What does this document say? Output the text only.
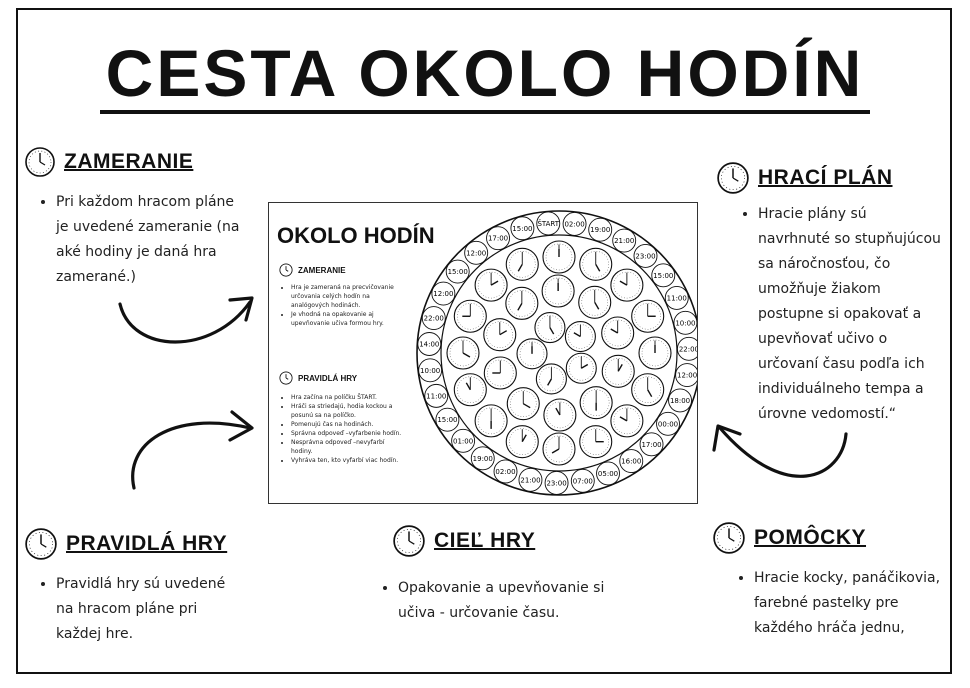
CESTA OKOLO HODÍN
ZAMERANIE
• Pri každom hracom pláne je uvedené zameranie (na aké hodiny je daná hra zamerané.)
HRACÍ PLÁN
• Hracie plány sú navrhnuté so stupňujúcou sa náročnosťou, čo umožňuje žiakom postupne si opakovať a upevňovať učivo o určovaní času podľa ich individuálneho tempa a úrovne vedomostí.“
PRAVIDLÁ HRY
• Pravidlá hry sú uvedené na hracom pláne pri každej hre.
CIEĽ HRY
• Opakovanie a upevňovanie si učiva - určovanie času.
POMÔCKY
• Hracie kocky, panáčikovia, farebné pastelky pre každého hráča jednu,
OKOLO HODÍN
ZAMERANIE
• Hra je zameraná na precvičovanie určovania celých hodín na analógových hodinách.
• Je vhodná na opakovanie aj upevňovanie učiva formou hry.
PRAVIDLÁ HRY
• Hra začína na políčku ŠTART.
• Hráči sa striedajú, hodia kockou a posunú sa na políčko.
• Pomenujú čas na hodinách.
• Správna odpoveď –vyfarbenie hodín.
• Nesprávna odpoveď –nevyfarbí hodiny.
• Vyhráva ten, kto vyfarbí viac hodín.
02:00
19:00
21:00
23:00
15:00
11:00
10:00
22:00
12:00
18:00
00:00
17:00
16:00
05:00
07:00
23:00
21:00
02:00
19:00
01:00
15:00
11:00
10:00
14:00
22:00
12:00
15:00
12:00
17:00
15:00
ŠTART
